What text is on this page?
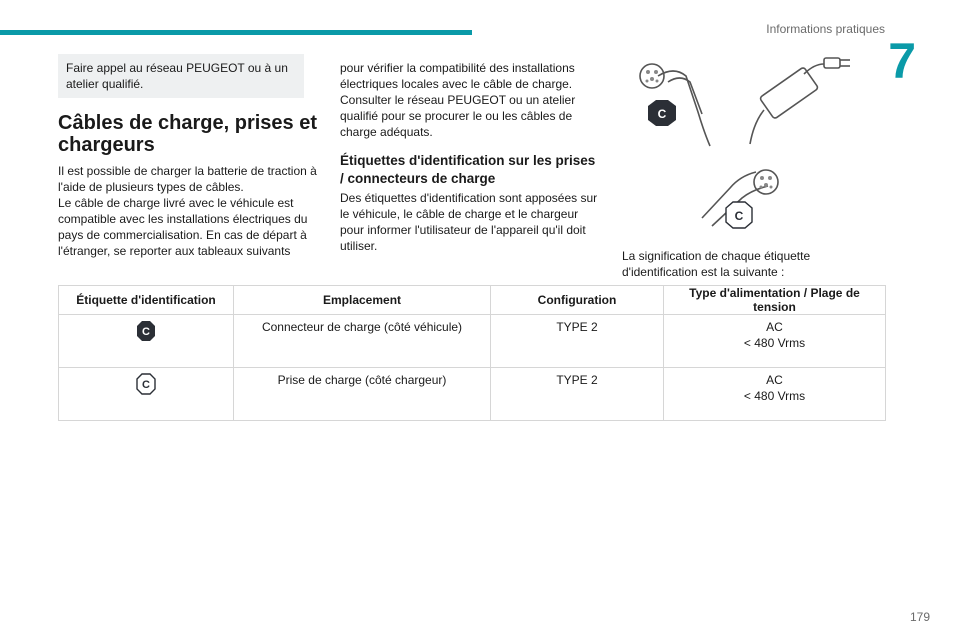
Informations pratiques
7

Faire appel au réseau PEUGEOT ou à un atelier qualifié.

Câbles de charge, prises et chargeurs

Il est possible de charger la batterie de traction à l'aide de plusieurs types de câbles.
Le câble de charge livré avec le véhicule est compatible avec les installations électriques du pays de commercialisation. En cas de départ à l'étranger, se reporter aux tableaux suivants

pour vérifier la compatibilité des installations électriques locales avec le câble de charge.
Consulter le réseau PEUGEOT ou un atelier qualifié pour se procurer le ou les câbles de charge adéquats.

Étiquettes d'identification sur les prises / connecteurs de charge

Des étiquettes d'identification sont apposées sur le véhicule, le câble de charge et le chargeur pour informer l'utilisateur de l'appareil qu'il doit utiliser.

La signification de chaque étiquette d'identification est la suivante :

C
C
Étiquette d'identification	Emplacement	Configuration	Type d'alimentation / Plage de tension

C	Connecteur de charge (côté véhicule)	TYPE 2	AC
< 480 Vrms

C	Prise de charge (côté chargeur)	TYPE 2	AC
< 480 Vrms
179
